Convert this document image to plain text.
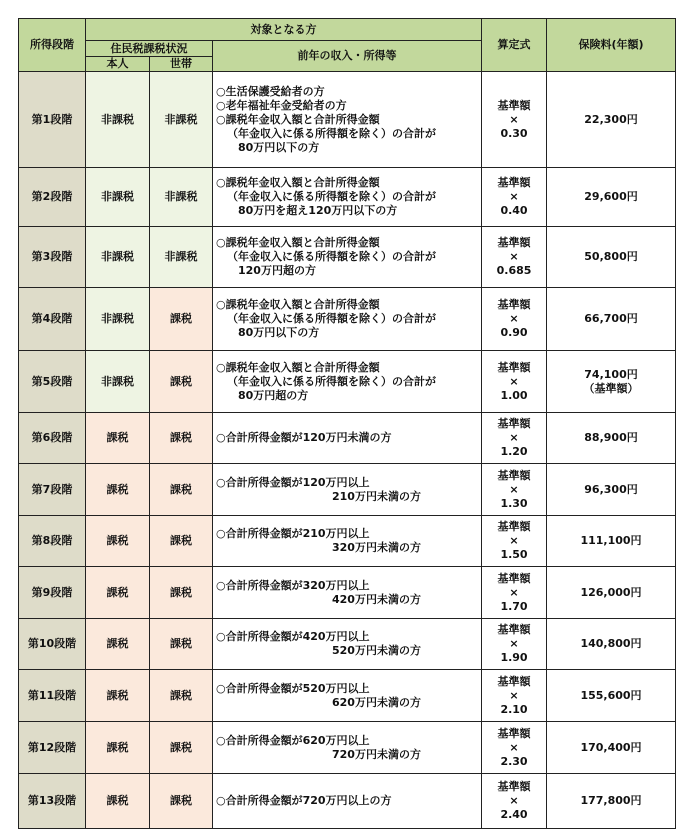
所得段階	対象となる方			算定式	保険料(年額)
	住民税課税状況		前年の収入・所得等		
	本人	世帯			
第1段階	非課税	非課税	○生活保護受給者の方
○老年福祉年金受給者の方
○課税年金収入額と合計所得金額
（年金収入に係る所得額を除く）の合計が
80万円以下の方	基準額
×
0.30	22,300円

第2段階	非課税	非課税	○課税年金収入額と合計所得金額
（年金収入に係る所得額を除く）の合計が
80万円を超え120万円以下の方	基準額
×
0.40	29,600円

第3段階	非課税	非課税	○課税年金収入額と合計所得金額
（年金収入に係る所得額を除く）の合計が
120万円超の方	基準額
×
0.685	50,800円

第4段階	非課税	課税	○課税年金収入額と合計所得金額
（年金収入に係る所得額を除く）の合計が
80万円以下の方	基準額
×
0.90	66,700円

第5段階	非課税	課税	○課税年金収入額と合計所得金額
（年金収入に係る所得額を除く）の合計が
80万円超の方	基準額
×
1.00	74,100円
（基準額）

第6段階	課税	課税	○合計所得金額が120万円未満の方	基準額
×
1.20	88,900円

第7段階	課税	課税	○合計所得金額が120万円以上
210万円未満の方	基準額
×
1.30	96,300円

第8段階	課税	課税	○合計所得金額が210万円以上
320万円未満の方	基準額
×
1.50	111,100円

第9段階	課税	課税	○合計所得金額が320万円以上
420万円未満の方	基準額
×
1.70	126,000円

第10段階	課税	課税	○合計所得金額が420万円以上
520万円未満の方	基準額
×
1.90	140,800円

第11段階	課税	課税	○合計所得金額が520万円以上
620万円未満の方	基準額
×
2.10	155,600円

第12段階	課税	課税	○合計所得金額が620万円以上
720万円未満の方	基準額
×
2.30	170,400円

第13段階	課税	課税	○合計所得金額が720万円以上の方	基準額
×
2.40	177,800円
